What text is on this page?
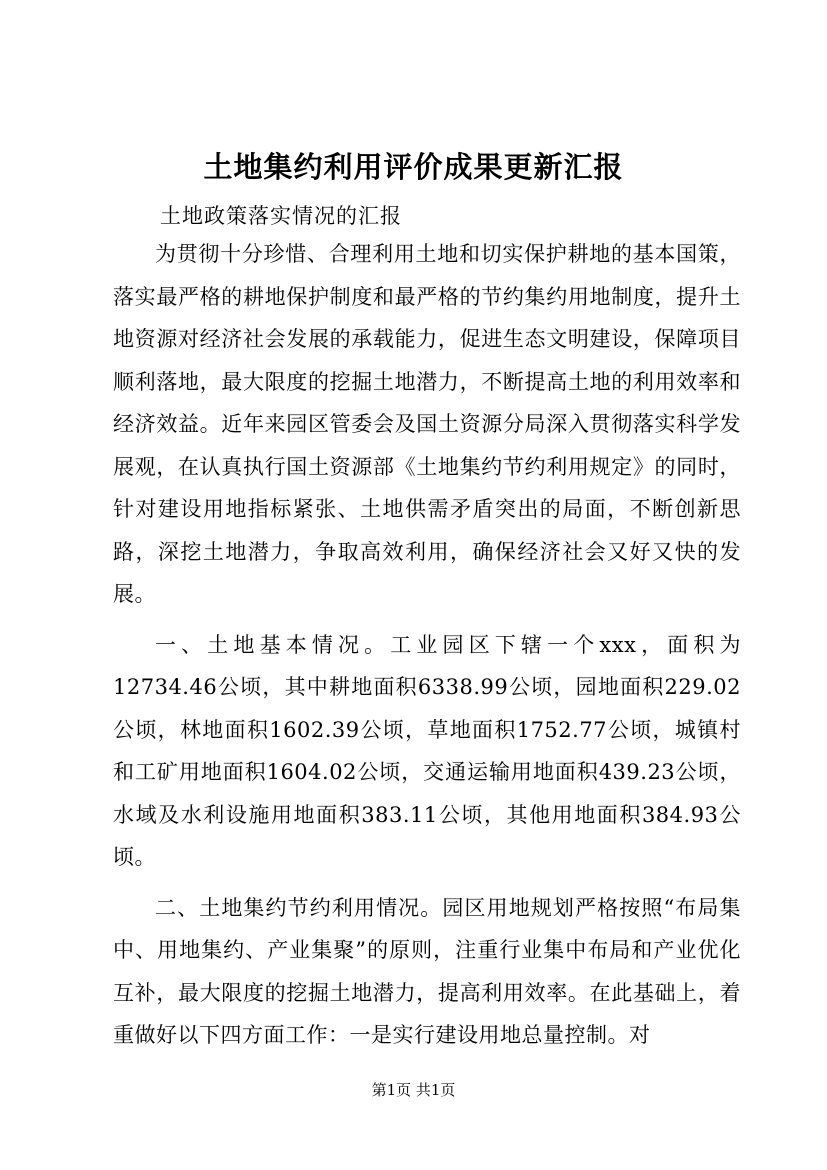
土地集约利用评价成果更新汇报

土地政策落实情况的汇报

为贯彻十分珍惜、合理利用土地和切实保护耕地的基本国策，落实最严格的耕地保护制度和最严格的节约集约用地制度，提升土地资源对经济社会发展的承载能力，促进生态文明建设，保障项目顺利落地，最大限度的挖掘土地潜力，不断提高土地的利用效率和经济效益。近年来园区管委会及国土资源分局深入贯彻落实科学发展观，在认真执行国土资源部《土地集约节约利用规定》的同时，针对建设用地指标紧张、土地供需矛盾突出的局面，不断创新思路，深挖土地潜力，争取高效利用，确保经济社会又好又快的发展。

一、土地基本情况。工业园区下辖一个xxx，面积为12734.46公顷，其中耕地面积6338.99公顷，园地面积229.02公顷，林地面积1602.39公顷，草地面积1752.77公顷，城镇村和工矿用地面积1604.02公顷，交通运输用地面积439.23公顷，水域及水利设施用地面积383.11公顷，其他用地面积384.93公顷。

二、土地集约节约利用情况。园区用地规划严格按照“布局集中、用地集约、产业集聚”的原则，注重行业集中布局和产业优化互补，最大限度的挖掘土地潜力，提高利用效率。在此基础上，着重做好以下四方面工作：一是实行建设用地总量控制。对

第1页 共1页
